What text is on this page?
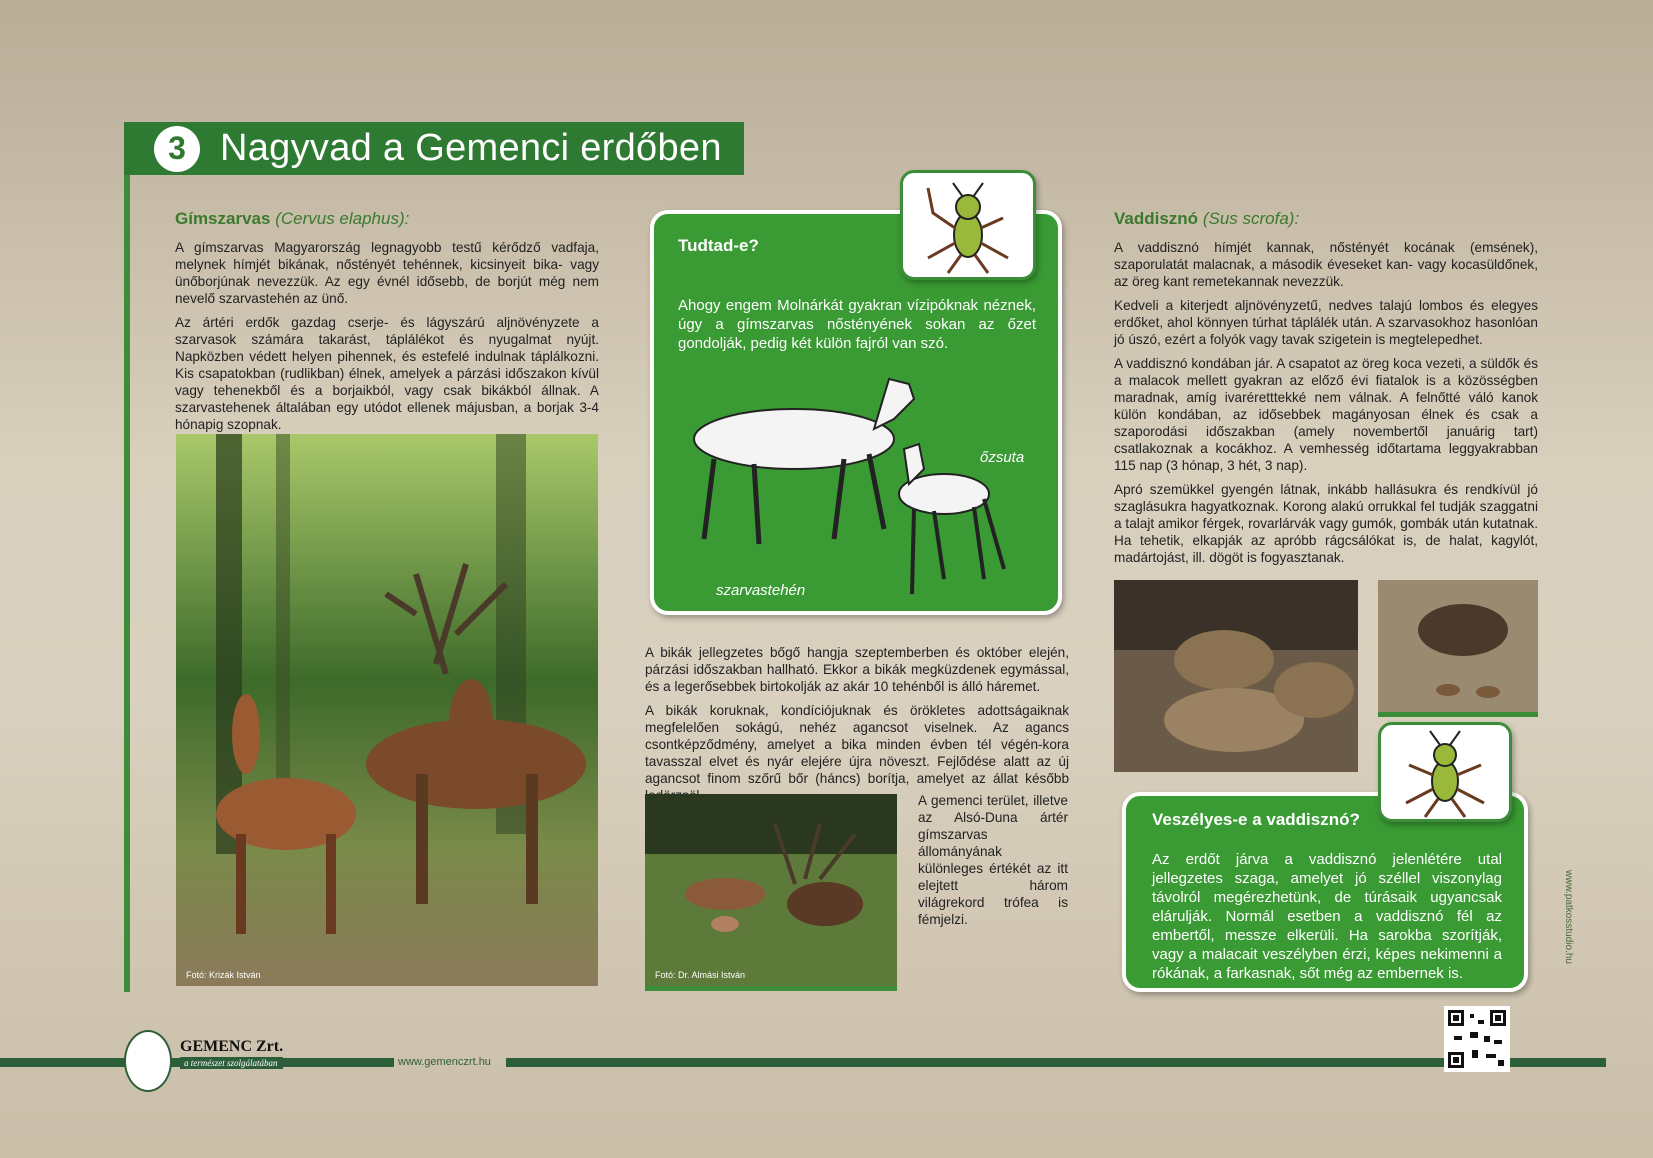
3 Nagyvad a Gemenci erdőben
Gímszarvas (Cervus elaphus):

A gímszarvas Magyarország legnagyobb testű kérődző vadfaja, melynek hímjét bikának, nőstényét tehénnek, kicsinyeit bika- vagy ünőborjúnak nevezzük. Az egy évnél idősebb, de borjút még nem nevelő szarvastehén az ünő.

Az ártéri erdők gazdag cserje- és lágyszárú aljnövényzete a szarvasok számára takarást, táplálékot és nyugalmat nyújt. Napközben védett helyen pihennek, és estefelé indulnak táplálkozni. Kis csapatokban (rudlikban) élnek, amelyek a párzási időszakon kívül vagy tehenekből és a borjaikból, vagy csak bikákból állnak. A szarvastehenek általában egy utódot ellenek májusban, a borjak 3-4 hónapig szopnak.

Fotó: Krizák István
Tudtad-e?
Ahogy engem Molnárkát gyakran vízipóknak néznek, úgy a gímszarvas nőstényének sokan az őzet gondolják, pedig két külön fajról van szó.
őzsuta
szarvastehén

A bikák jellegzetes bőgő hangja szeptemberben és október elején, párzási időszakban hallható. Ekkor a bikák megküzdenek egymással, és a legerősebbek birtokolják az akár 10 tehénből is álló háremet.

A bikák koruknak, kondíciójuknak és örökletes adottságaiknak megfelelően sokágú, nehéz agancsot viselnek. Az agancs csontképződmény, amelyet a bika minden évben tél végén-kora tavasszal elvet és nyár elejére újra növeszt. Fejlődése alatt az új agancsot finom szőrű bőr (háncs) borítja, amelyet az állat később

Fotó: Dr. Almási István

A gemenci terület, illetve az Alsó-Duna ártér gímszarvas állományának különleges értékét az itt elejtett három világrekord trófea is fémjelzi.

Vaddisznó (Sus scrofa):

A vaddisznó hímjét kannak, nőstényét kocának (emsének), szaporulatát malacnak, a második éveseket kan- vagy kocasüldőnek, az öreg kant remetekannak nevezzük.

Kedveli a kiterjedt aljnövényzetű, nedves talajú lombos és elegyes erdőket, ahol könnyen túrhat táplálék után. A szarvasokhoz hasonlóan jó úszó, ezért a folyók vagy tavak szigetein is megtelepedhet.

A vaddisznó kondában jár. A csapatot az öreg koca vezeti, a süldők és a malacok mellett gyakran az előző évi fiatalok is a közösségben maradnak, amíg ivaréretttekké nem válnak. A felnőtté váló kanok külön kondában, az idősebbek magányosan élnek és csak a szaporodási időszakban (amely novembertől januárig tart) csatlakoznak a kocákhoz. A vemhesség időtartama leggyakrabban 115 nap (3 hónap, 3 hét, 3 nap).

Apró szemükkel gyengén látnak, inkább hallásukra és rendkívül jó szaglásukra hagyatkoznak. Korong alakú orrukkal fel tudják szaggatni a talajt amikor férgek, rovarlárvák vagy gumók, gombák után kutatnak. Ha tehetik, elkapják az apróbb rágcsálókat is, de halat, kagylót, madártojást, ill. dögöt is fogyasztanak.

Veszélyes-e a vaddisznó?
Az erdőt járva a vaddisznó jelenlétére utal jellegzetes szaga, amelyet jó széllel viszonylag távolról megérezhetünk, de túrásaik ugyancsak elárulják. Normál esetben a vaddisznó fél az embertől, messze elkerüli. Ha sarokba szorítják, vagy a malacait veszélyben érzi, képes nekimenni a rókának, a farkasnak, sőt még az embernek is.
www.patkosstudio.hu
GEMENC Zrt.
a természet szolgálatában	www.gemenczrt.hu
